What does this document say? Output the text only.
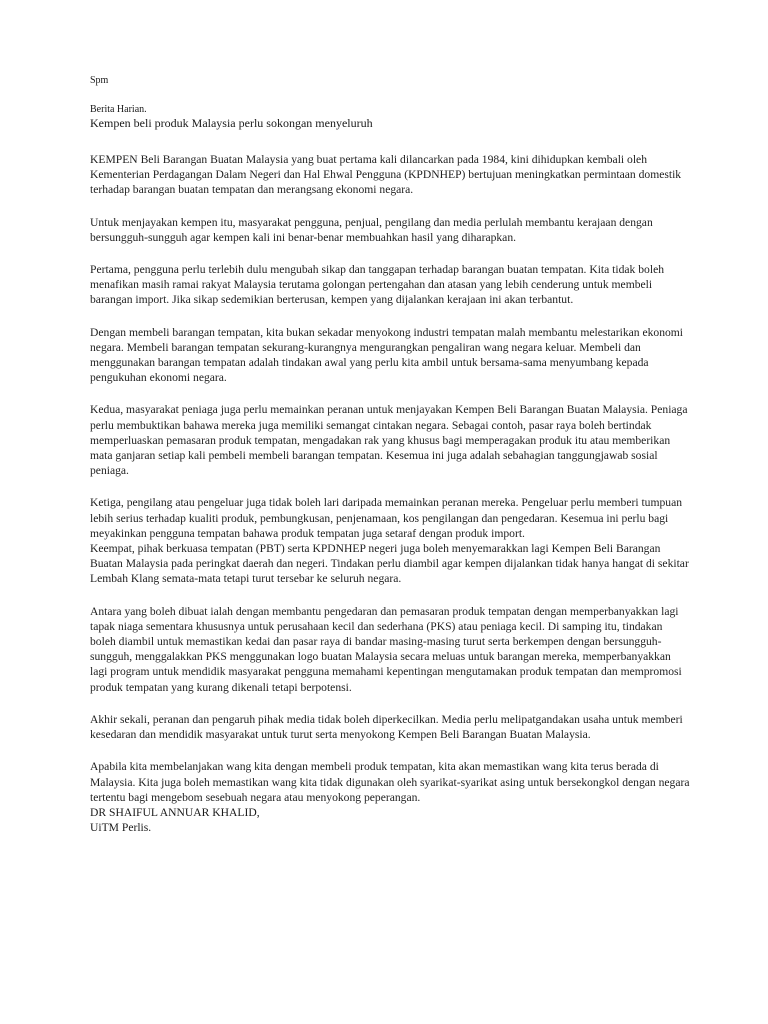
Spm

Berita Harian.

Kempen beli produk Malaysia perlu sokongan menyeluruh

KEMPEN Beli Barangan Buatan Malaysia yang buat pertama kali dilancarkan pada 1984, kini dihidupkan kembali oleh Kementerian Perdagangan Dalam Negeri dan Hal Ehwal Pengguna (KPDNHEP) bertujuan meningkatkan permintaan domestik terhadap barangan buatan tempatan dan merangsang ekonomi negara.

Untuk menjayakan kempen itu, masyarakat pengguna, penjual, pengilang dan media perlulah membantu kerajaan dengan bersungguh-sungguh agar kempen kali ini benar-benar membuahkan hasil yang diharapkan.

Pertama, pengguna perlu terlebih dulu mengubah sikap dan tanggapan terhadap barangan buatan tempatan. Kita tidak boleh menafikan masih ramai rakyat Malaysia terutama golongan pertengahan dan atasan yang lebih cenderung untuk membeli barangan import. Jika sikap sedemikian berterusan, kempen yang dijalankan kerajaan ini akan terbantut.

Dengan membeli barangan tempatan, kita bukan sekadar menyokong industri tempatan malah membantu melestarikan ekonomi negara. Membeli barangan tempatan sekurang-kurangnya mengurangkan pengaliran wang negara keluar. Membeli dan menggunakan barangan tempatan adalah tindakan awal yang perlu kita ambil untuk bersama-sama menyumbang kepada pengukuhan ekonomi negara.

Kedua, masyarakat peniaga juga perlu memainkan peranan untuk menjayakan Kempen Beli Barangan Buatan Malaysia. Peniaga perlu membuktikan bahawa mereka juga memiliki semangat cintakan negara. Sebagai contoh, pasar raya boleh bertindak memperluaskan pemasaran produk tempatan, mengadakan rak yang khusus bagi memperagakan produk itu atau memberikan mata ganjaran setiap kali pembeli membeli barangan tempatan. Kesemua ini juga adalah sebahagian tanggungjawab sosial peniaga.

Ketiga, pengilang atau pengeluar juga tidak boleh lari daripada memainkan peranan mereka. Pengeluar perlu memberi tumpuan lebih serius terhadap kualiti produk, pembungkusan, penjenamaan, kos pengilangan dan pengedaran. Kesemua ini perlu bagi meyakinkan pengguna tempatan bahawa produk tempatan juga setaraf dengan produk import.

Keempat, pihak berkuasa tempatan (PBT) serta KPDNHEP negeri juga boleh menyemarakkan lagi Kempen Beli Barangan Buatan Malaysia pada peringkat daerah dan negeri. Tindakan perlu diambil agar kempen dijalankan tidak hanya hangat di sekitar Lembah Klang semata-mata tetapi turut tersebar ke seluruh negara.

Antara yang boleh dibuat ialah dengan membantu pengedaran dan pemasaran produk tempatan dengan memperbanyakkan lagi tapak niaga sementara khususnya untuk perusahaan kecil dan sederhana (PKS) atau peniaga kecil. Di samping itu, tindakan boleh diambil untuk memastikan kedai dan pasar raya di bandar masing-masing turut serta berkempen dengan bersungguh-sungguh, menggalakkan PKS menggunakan logo buatan Malaysia secara meluas untuk barangan mereka, memperbanyakkan lagi program untuk mendidik masyarakat pengguna memahami kepentingan mengutamakan produk tempatan dan mempromosi produk tempatan yang kurang dikenali tetapi berpotensi.

Akhir sekali, peranan dan pengaruh pihak media tidak boleh diperkecilkan. Media perlu melipatgandakan usaha untuk memberi kesedaran dan mendidik masyarakat untuk turut serta menyokong Kempen Beli Barangan Buatan Malaysia.

Apabila kita membelanjakan wang kita dengan membeli produk tempatan, kita akan memastikan wang kita terus berada di Malaysia. Kita juga boleh memastikan wang kita tidak digunakan oleh syarikat-syarikat asing untuk bersekongkol dengan negara tertentu bagi mengebom sesebuah negara atau menyokong peperangan.

DR SHAIFUL ANNUAR KHALID,

UiTM Perlis.
